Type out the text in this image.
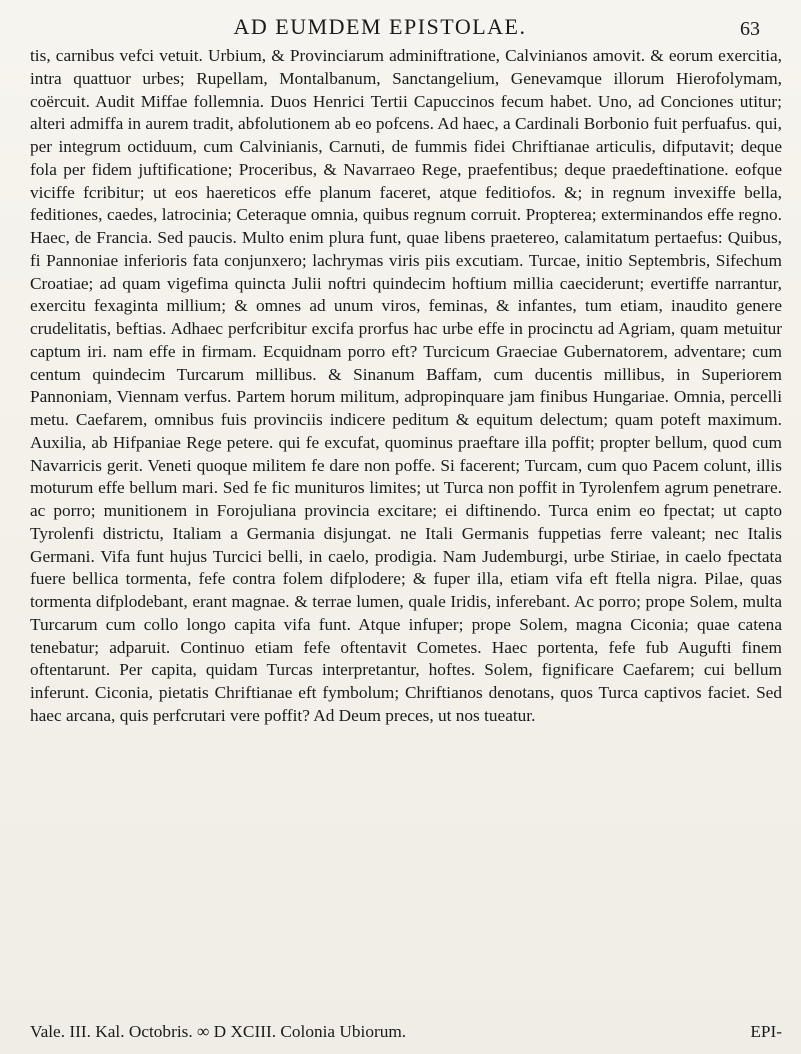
AD EUMDEM EPISTOLAE.	63

tis, carnibus vefci vetuit. Urbium, & Provinciarum adminiftratione, Calvinianos amovit. & eorum exercitia, intra quattuor urbes; Rupellam, Montalbanum, Sanctangelium, Genevamque illorum Hierofolymam, coërcuit. Audit Miffae follemnia. Duos Henrici Tertii Capuccinos fecum habet. Uno, ad Conciones utitur; alteri admiffa in aurem tradit, abfolutionem ab eo pofcens. Ad haec, a Cardinali Borbonio fuit perfuafus. qui, per integrum octiduum, cum Calvinianis, Carnuti, de fummis fidei Chriftianae articulis, difputavit; deque fola per fidem juftificatione; Proceribus, & Navarraeo Rege, praefentibus; deque praedeftinatione. eofque viciffe fcribitur; ut eos haereticos effe planum faceret, atque feditiofos. &; in regnum invexiffe bella, feditiones, caedes, latrocinia; Ceteraque omnia, quibus regnum corruit. Propterea; exterminandos effe regno. Haec, de Francia. Sed paucis. Multo enim plura funt, quae libens praetereo, calamitatum pertaefus: Quibus, fi Pannoniae inferioris fata conjunxero; lachrymas viris piis excutiam. Turcae, initio Septembris, Sifechum Croatiae; ad quam vigefima quincta Julii noftri quindecim hoftium millia caeciderunt; evertiffe narrantur, exercitu fexaginta millium; & omnes ad unum viros, feminas, & infantes, tum etiam, inaudito genere crudelitatis, beftias. Adhaec perfcribitur excifa prorfus hac urbe effe in procinctu ad Agriam, quam metuitur captum iri. nam effe in firmam. Ecquidnam porro eft? Turcicum Graeciae Gubernatorem, adventare; cum centum quindecim Turcarum millibus. & Sinanum Baffam, cum ducentis millibus, in Superiorem Pannoniam, Viennam verfus. Partem horum militum, adpropinquare jam finibus Hungariae. Omnia, percelli metu. Caefarem, omnibus fuis provinciis indicere peditum & equitum delectum; quam poteft maximum. Auxilia, ab Hifpaniae Rege petere. qui fe excufat, quominus praeftare illa poffit; propter bellum, quod cum Navarricis gerit. Veneti quoque militem fe dare non poffe. Si facerent; Turcam, cum quo Pacem colunt, illis moturum effe bellum mari. Sed fe fic munituros limites; ut Turca non poffit in Tyrolenfem agrum penetrare. ac porro; munitionem in Forojuliana provincia excitare; ei diftinendo. Turca enim eo fpectat; ut capto Tyrolenfi districtu, Italiam a Germania disjungat. ne Itali Germanis fuppetias ferre valeant; nec Italis Germani. Vifa funt hujus Turcici belli, in caelo, prodigia. Nam Judemburgi, urbe Stiriae, in caelo fpectata fuere bellica tormenta, fefe contra folem difplodere; & fuper illa, etiam vifa eft ftella nigra. Pilae, quas tormenta difplodebant, erant magnae. & terrae lumen, quale Iridis, inferebant. Ac porro; prope Solem, multa Turcarum cum collo longo capita vifa funt. Atque infuper; prope Solem, magna Ciconia; quae catena tenebatur; adparuit. Continuo etiam fefe oftentavit Cometes. Haec portenta, fefe fub Augufti finem oftentarunt. Per capita, quidam Turcas interpretantur, hoftes. Solem, fignificare Caefarem; cui bellum inferunt. Ciconia, pietatis Chriftianae eft fymbolum; Chriftianos denotans, quos Turca captivos faciet. Sed haec arcana, quis perfcrutari vere poffit? Ad Deum preces, ut nos tueatur.

Vale. III. Kal. Octobris. ∞ D XCIII. Colonia Ubiorum.	EPI-
